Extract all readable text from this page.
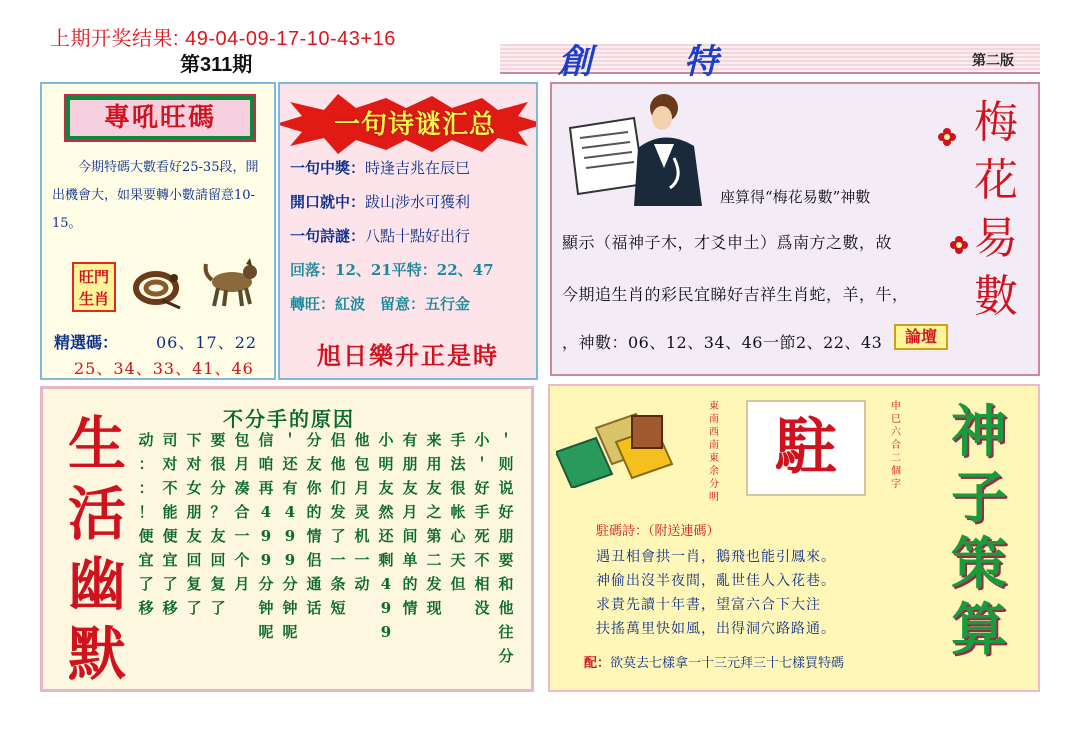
上期开奖结果: 49-04-09-17-10-43+16
第311期	創 特	第二版
專吼旺碼
今期特碼大數看好25-35段，開出機會大，如果要轉小數請留意10-15。
旺門生肖
精選碼： 06、17、22
25、34、33、41、46
一句诗谜汇总
一句中獎：時逢吉兆在辰巳
開口就中：跋山涉水可獲利
一句詩謎：八點十點好出行
回落：12、21平特：22、47
轉旺：紅波　留意：五行金
旭日樂升正是時
座算得“梅花易數”神數
顯示（福神子木，才爻申土）爲南方之數，故
今期追生肖的彩民宜睇好吉祥生肖蛇，羊，牛，
，神數：06、12、34、46一節2、22、43	論壇
梅花易數
生活幽默
不分手的原因
动
：
：
！
便
宜
了
移
司
对
不
能
便
宜
了
移
下
对
女
朋
友
回
复
了
要
很
分
？
友
回
复
了
包
月
凑
合
一
个
月
信
咱
再
4
9
9
分
钟
呢
＇
还
有
4
9
9
分
钟
呢
分
友
你
的
情
侣
通
话
侣
他
们
发
了
一
条
短
他
包
月
灵
机
一
动
小
明
友
然
还
剩
4
9
9
有
朋
友
月
间
单
的
情
来
用
友
之
第
二
发
现
手
法
很
帐
心
天
但
小
＇
好
手
死
不
相
没
＇
则
说
好
朋
要
和
他
往
分
駐
東南西南東余分明
申巳六合二個字
神子策算
駐碼詩：（附送連碼）
遇丑相會拱一肖，鵝飛也能引鳳來。
神偷出沒半夜間，亂世佳人入花巷。
求貴先讀十年書，望富六合下大注
扶搖萬里快如風，出得洞穴路路通。
配：欲莫去七樣拿一十三元拜三十七樣買特碼
